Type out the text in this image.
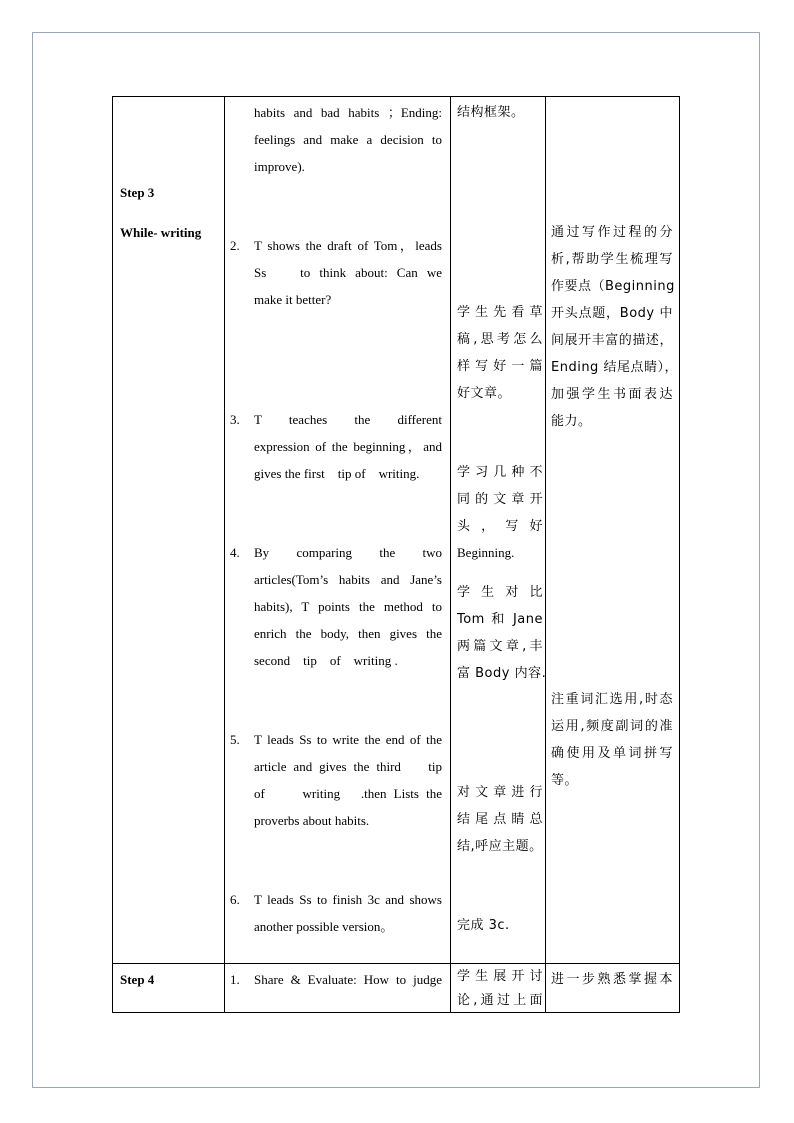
Step 3
While- writing
habits and bad habits ；Ending:
feelings and make a decision to
improve).
2. T shows the draft of Tom，leads
Ss　 to think about: Can we
make it better?
3. T　 teaches　 the　 different
expression of the beginning，and
gives the first　tip of　writing.
4. By　 comparing　 the　 two
articles(Tom’s habits and Jane’s
habits), T points the method to
enrich the body, then gives the
second　tip　of　writing .
5. T leads Ss to write the end of the
article and gives the third　 tip
of　　writing　.then Lists the
proverbs about habits.
6. T leads Ss to finish 3c and shows
another possible version。
结构框架。
学生先看草
稿,思考怎么
样写好一篇
好文章。
学习几种不
同的文章开
头，写好
Beginning.
学生对比
Tom 和 Jane
两篇文章,丰
富 Body 内容.
对文章进行
结尾点睛总
结,呼应主题。
完成 3c.
通过写作过程的分
析,帮助学生梳理写
作要点（Beginning
开头点题，Body 中
间展开丰富的描述，
Ending 结尾点睛），
加强学生书面表达
能力。
注重词汇选用,时态
运用,频度副词的准
确使用及单词拼写
等。
Step 4	1. Share & Evaluate: How to judge 学生展开讨
论,通过上面
进一步熟悉掌握本
